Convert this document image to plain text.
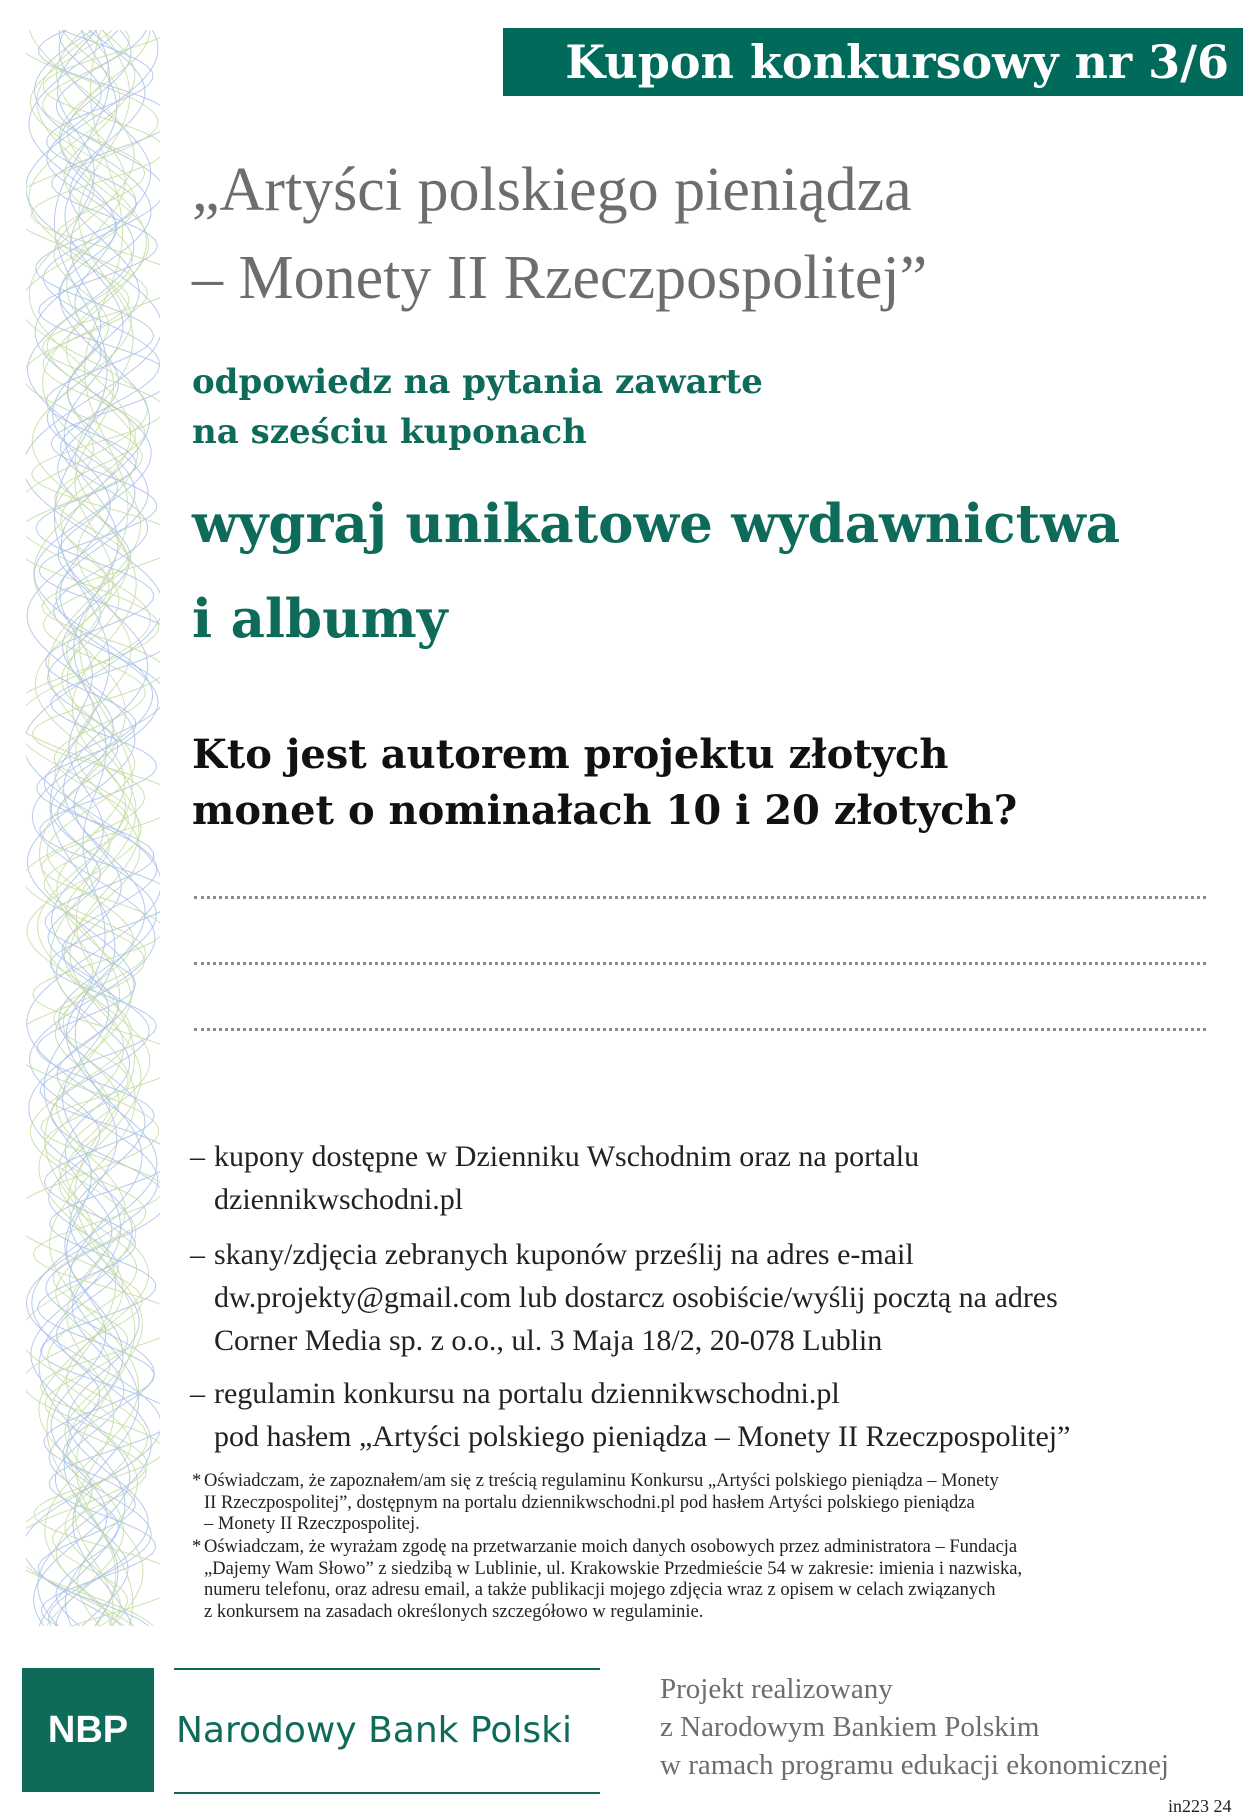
Kupon konkursowy nr 3/6
„Artyści polskiego pieniądza
– Monety II Rzeczpospolitej”
odpowiedz na pytania zawarte
na sześciu kuponach
wygraj unikatowe wydawnictwa
i albumy
Kto jest autorem projektu złotych
monet o nominałach 10 i 20 złotych?
– kupony dostępne w Dzienniku Wschodnim oraz na portalu
dziennikwschodni.pl
– skany/zdjęcia zebranych kuponów prześlij na adres e-mail
dw.projekty@gmail.com lub dostarcz osobiście/wyślij pocztą na adres
Corner Media sp. z o.o., ul. 3 Maja 18/2, 20-078 Lublin
– regulamin konkursu na portalu dziennikwschodni.pl
pod hasłem „Artyści polskiego pieniądza – Monety II Rzeczpospolitej”
* Oświadczam, że zapoznałem/am się z treścią regulaminu Konkursu „Artyści polskiego pieniądza – Monety
II Rzeczpospolitej”, dostępnym na portalu dziennikwschodni.pl pod hasłem Artyści polskiego pieniądza
– Monety II Rzeczpospolitej.
* Oświadczam, że wyrażam zgodę na przetwarzanie moich danych osobowych przez administratora – Fundacja
„Dajemy Wam Słowo” z siedzibą w Lublinie, ul. Krakowskie Przedmieście 54 w zakresie: imienia i nazwiska,
numeru telefonu, oraz adresu email, a także publikacji mojego zdjęcia wraz z opisem w celach związanych
z konkursem na zasadach określonych szczegółowo w regulaminie.
NBP	Narodowy Bank Polski
Projekt realizowany
z Narodowym Bankiem Polskim
w ramach programu edukacji ekonomicznej
in223 24
